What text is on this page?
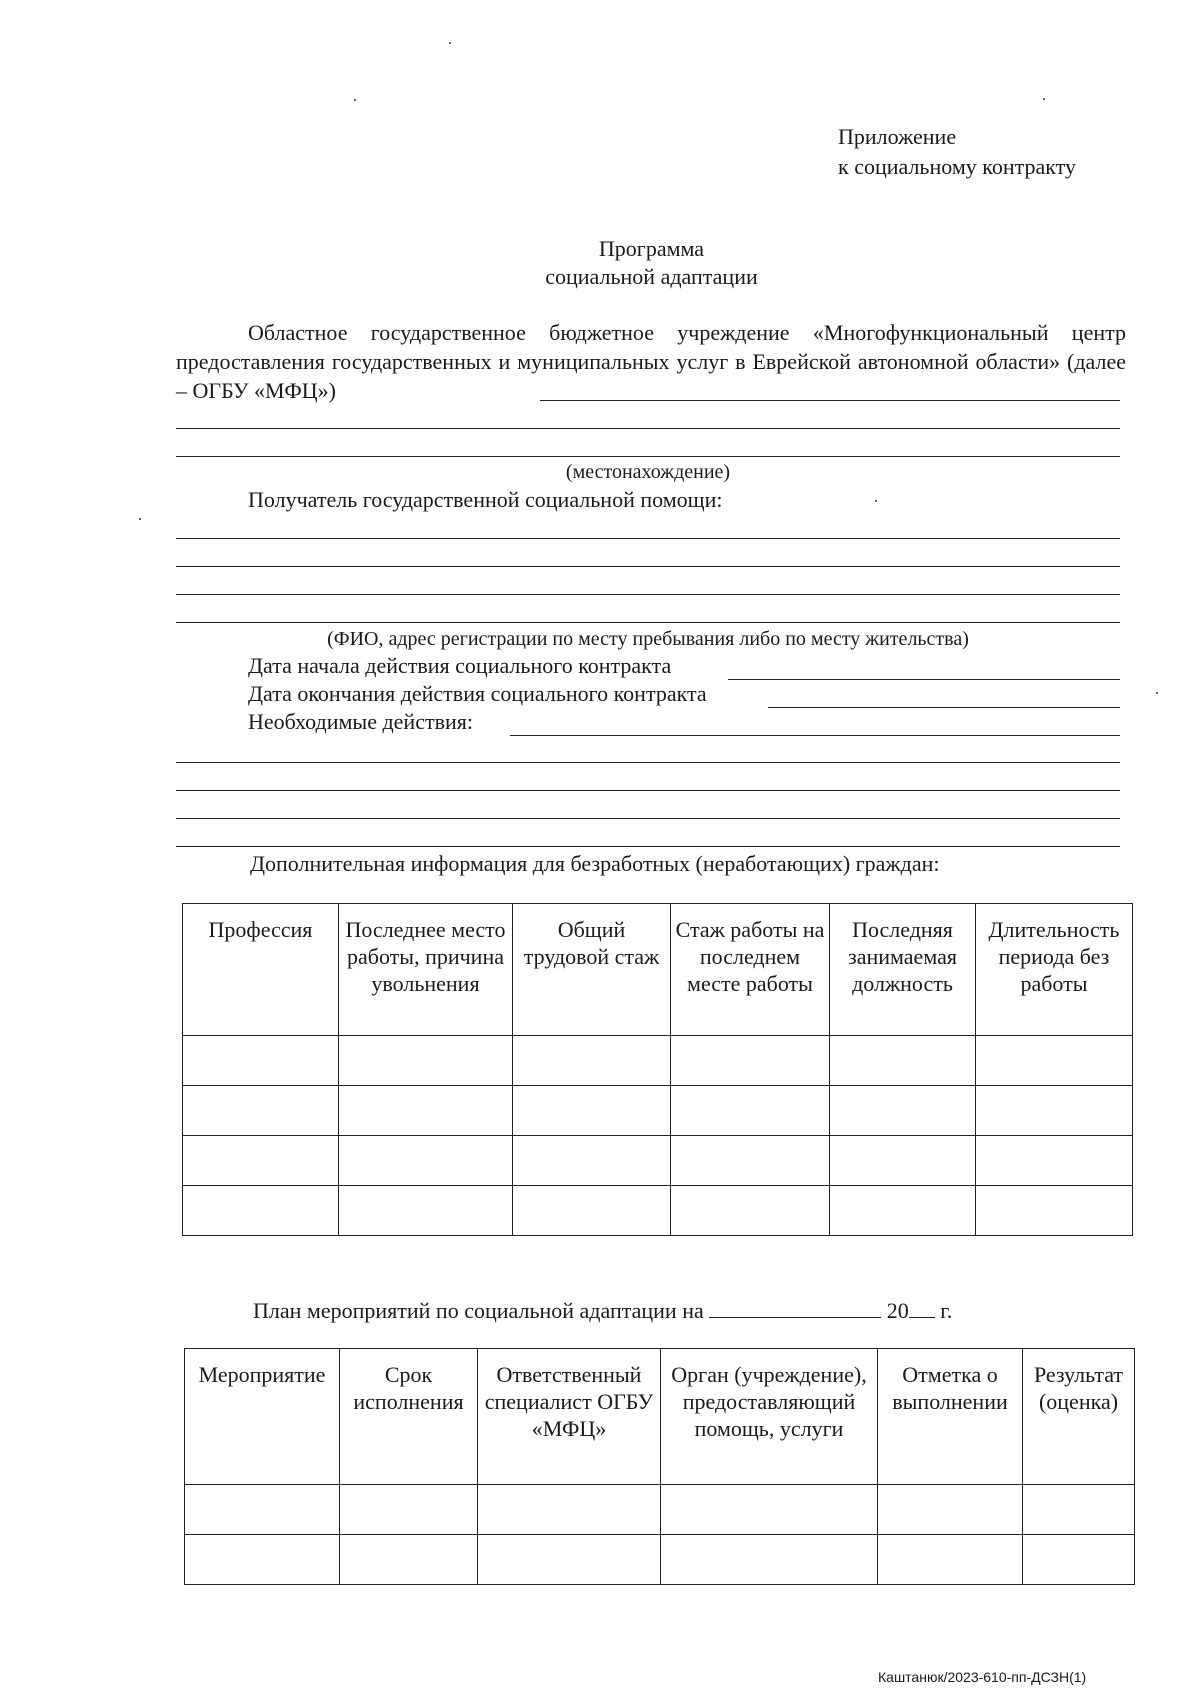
Приложение
к социальному контракту
Программа
социальной адаптации
Областное государственное бюджетное учреждение «Многофункциональный центр предоставления государственных и муниципальных услуг в Еврейской автономной области» (далее – ОГБУ «МФЦ»)
(местонахождение)
Получатель государственной социальной помощи:
(ФИО, адрес регистрации по месту пребывания либо по месту жительства)
Дата начала действия социального контракта
Дата окончания действия социального контракта
Необходимые действия:
Дополнительная информация для безработных (неработающих) граждан:
Профессия	Последнее место работы, причина увольнения	Общий трудовой стаж	Стаж работы на последнем месте работы	Последняя занимаемая должность	Длительность периода без работы

План мероприятий по социальной адаптации на	20 г.
Мероприятие	Срок исполнения	Ответственный специалист ОГБУ «МФЦ»	Орган (учреждение), предоставляющий помощь, услуги	Отметка о выполнении	Результат (оценка)

Каштанюк/2023-610-пп-ДСЗН(1)
